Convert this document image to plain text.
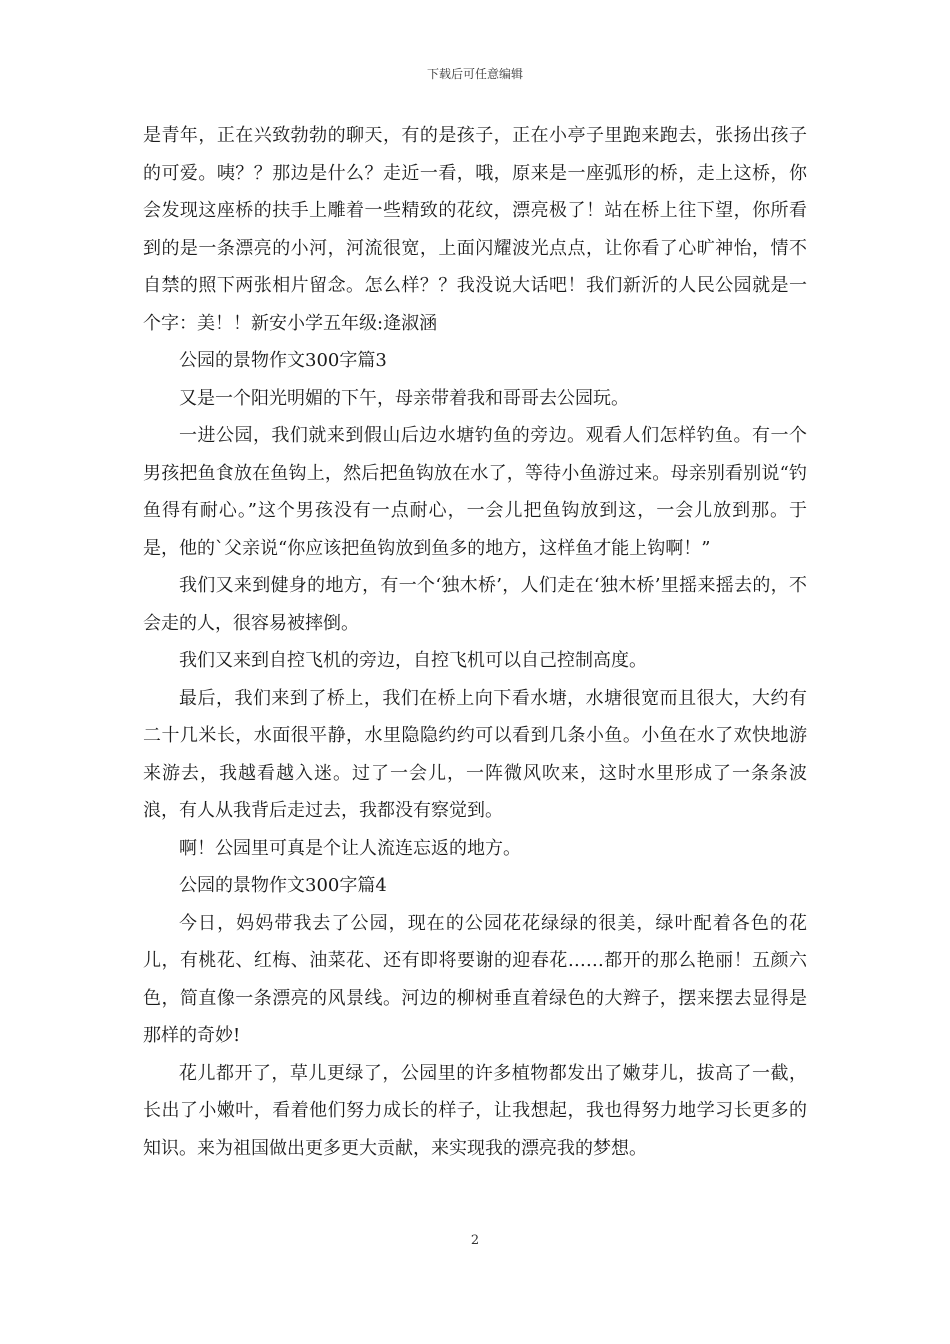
下载后可任意编辑

是青年，正在兴致勃勃的聊天，有的是孩子，正在小亭子里跑来跑去，张扬出孩子的可爱。咦？？那边是什么？走近一看，哦，原来是一座弧形的桥，走上这桥，你会发现这座桥的扶手上雕着一些精致的花纹，漂亮极了！站在桥上往下望，你所看到的是一条漂亮的小河，河流很宽，上面闪耀波光点点，让你看了心旷神怡，情不自禁的照下两张相片留念。怎么样？？我没说大话吧！我们新沂的人民公园就是一个字：美！！新安小学五年级:逄淑涵

公园的景物作文300字篇3

又是一个阳光明媚的下午，母亲带着我和哥哥去公园玩。

一进公园，我们就来到假山后边水塘钓鱼的旁边。观看人们怎样钓鱼。有一个男孩把鱼食放在鱼钩上，然后把鱼钩放在水了，等待小鱼游过来。母亲别看别说“钓鱼得有耐心。”这个男孩没有一点耐心，一会儿把鱼钩放到这，一会儿放到那。于是，他的`父亲说“你应该把鱼钩放到鱼多的地方，这样鱼才能上钩啊！”

我们又来到健身的地方，有一个‘独木桥’，人们走在‘独木桥’里摇来摇去的，不会走的人，很容易被摔倒。

我们又来到自控飞机的旁边，自控飞机可以自己控制高度。

最后，我们来到了桥上，我们在桥上向下看水塘，水塘很宽而且很大，大约有二十几米长，水面很平静，水里隐隐约约可以看到几条小鱼。小鱼在水了欢快地游来游去，我越看越入迷。过了一会儿，一阵微风吹来，这时水里形成了一条条波浪，有人从我背后走过去，我都没有察觉到。

啊！公园里可真是个让人流连忘返的地方。

公园的景物作文300字篇4

今日，妈妈带我去了公园，现在的公园花花绿绿的很美，绿叶配着各色的花儿，有桃花、红梅、油菜花、还有即将要谢的迎春花……都开的那么艳丽！五颜六色，简直像一条漂亮的风景线。河边的柳树垂直着绿色的大辫子，摆来摆去显得是那样的奇妙!

花儿都开了，草儿更绿了，公园里的许多植物都发出了嫩芽儿，拔高了一截，长出了小嫩叶，看着他们努力成长的样子，让我想起，我也得努力地学习长更多的知识。来为祖国做出更多更大贡献，来实现我的漂亮我的梦想。

2
